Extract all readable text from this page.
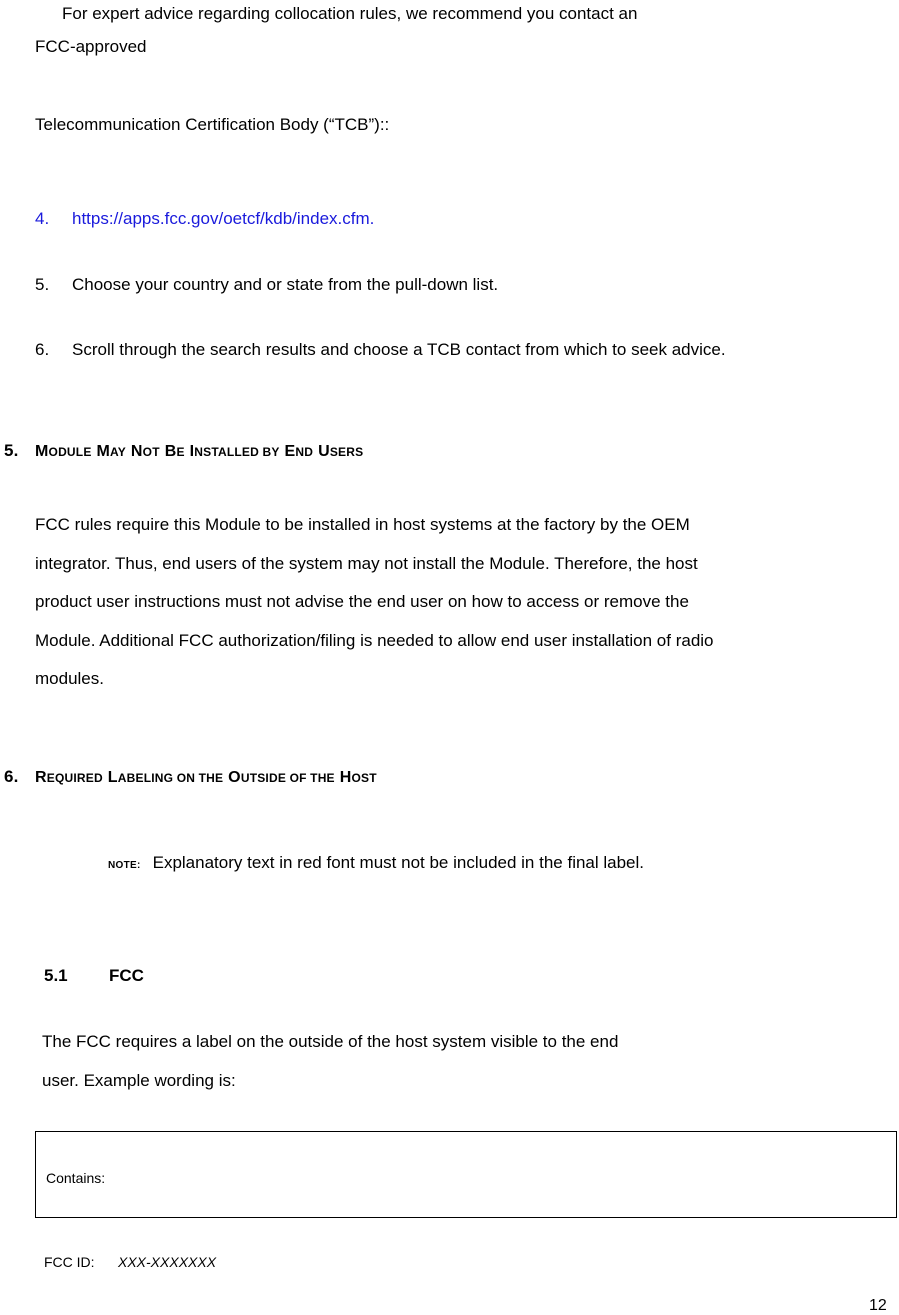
For expert advice regarding collocation rules, we recommend you contact an
FCC-approved
Telecommunication Certification Body (“TCB”)::
4. https://apps.fcc.gov/oetcf/kdb/index.cfm.
5. Choose your country and or state from the pull-down list.
6. Scroll through the search results and choose a TCB contact from which to seek advice.
5. MODULE MAY NOT BE INSTALLED BY END USERS
FCC rules require this Module to be installed in host systems at the factory by the OEM
integrator. Thus, end users of the system may not install the Module. Therefore, the host
product user instructions must not advise the end user on how to access or remove the
Module. Additional FCC authorization/filing is needed to allow end user installation of radio
modules.
6. REQUIRED LABELING ON THE OUTSIDE OF THE HOST
NOTE: Explanatory text in red font must not be included in the final label.
5.1 FCC
The FCC requires a label on the outside of the host system visible to the end
user. Example wording is:
Contains:
FCC ID: XXX-XXXXXXX
12
